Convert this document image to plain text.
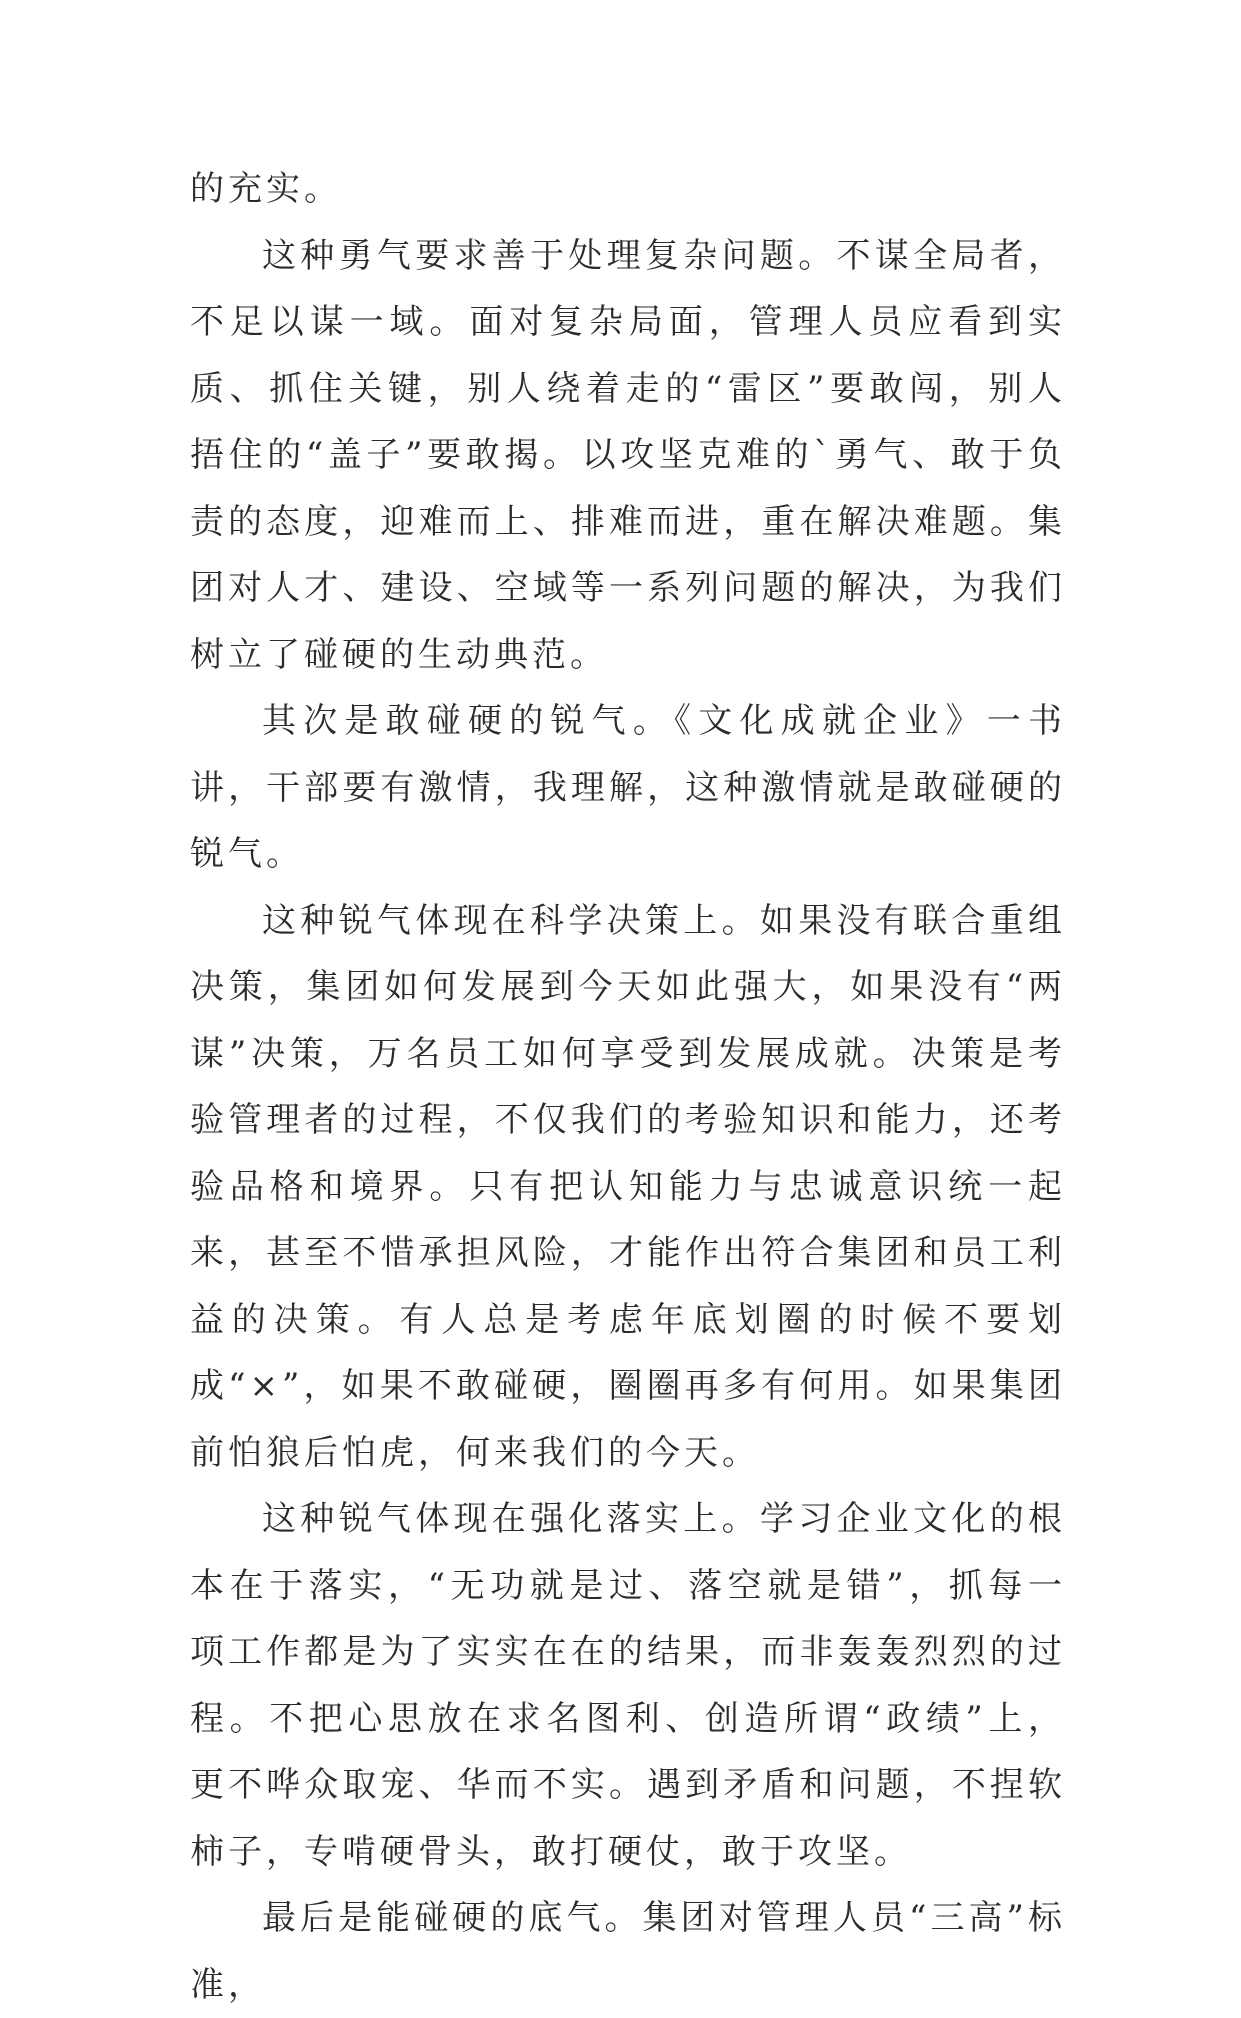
的充实。

这种勇气要求善于处理复杂问题。不谋全局者，不足以谋一域。面对复杂局面，管理人员应看到实质、抓住关键，别人绕着走的“雷区”要敢闯，别人捂住的“盖子”要敢揭。以攻坚克难的`勇气、敢于负责的态度，迎难而上、排难而进，重在解决难题。集团对人才、建设、空域等一系列问题的解决，为我们树立了碰硬的生动典范。

其次是敢碰硬的锐气。《文化成就企业》一书讲，干部要有激情，我理解，这种激情就是敢碰硬的锐气。

这种锐气体现在科学决策上。如果没有联合重组决策，集团如何发展到今天如此强大，如果没有“两谋”决策，万名员工如何享受到发展成就。决策是考验管理者的过程，不仅我们的考验知识和能力，还考验品格和境界。只有把认知能力与忠诚意识统一起来，甚至不惜承担风险，才能作出符合集团和员工利益的决策。有人总是考虑年底划圈的时候不要划成“×”，如果不敢碰硬，圈圈再多有何用。如果集团前怕狼后怕虎，何来我们的今天。

这种锐气体现在强化落实上。学习企业文化的根本在于落实，“无功就是过、落空就是错”，抓每一项工作都是为了实实在在的结果，而非轰轰烈烈的过程。不把心思放在求名图利、创造所谓“政绩”上，更不哗众取宠、华而不实。遇到矛盾和问题，不捏软柿子，专啃硬骨头，敢打硬仗，敢于攻坚。

最后是能碰硬的底气。集团对管理人员“三高”标准，
